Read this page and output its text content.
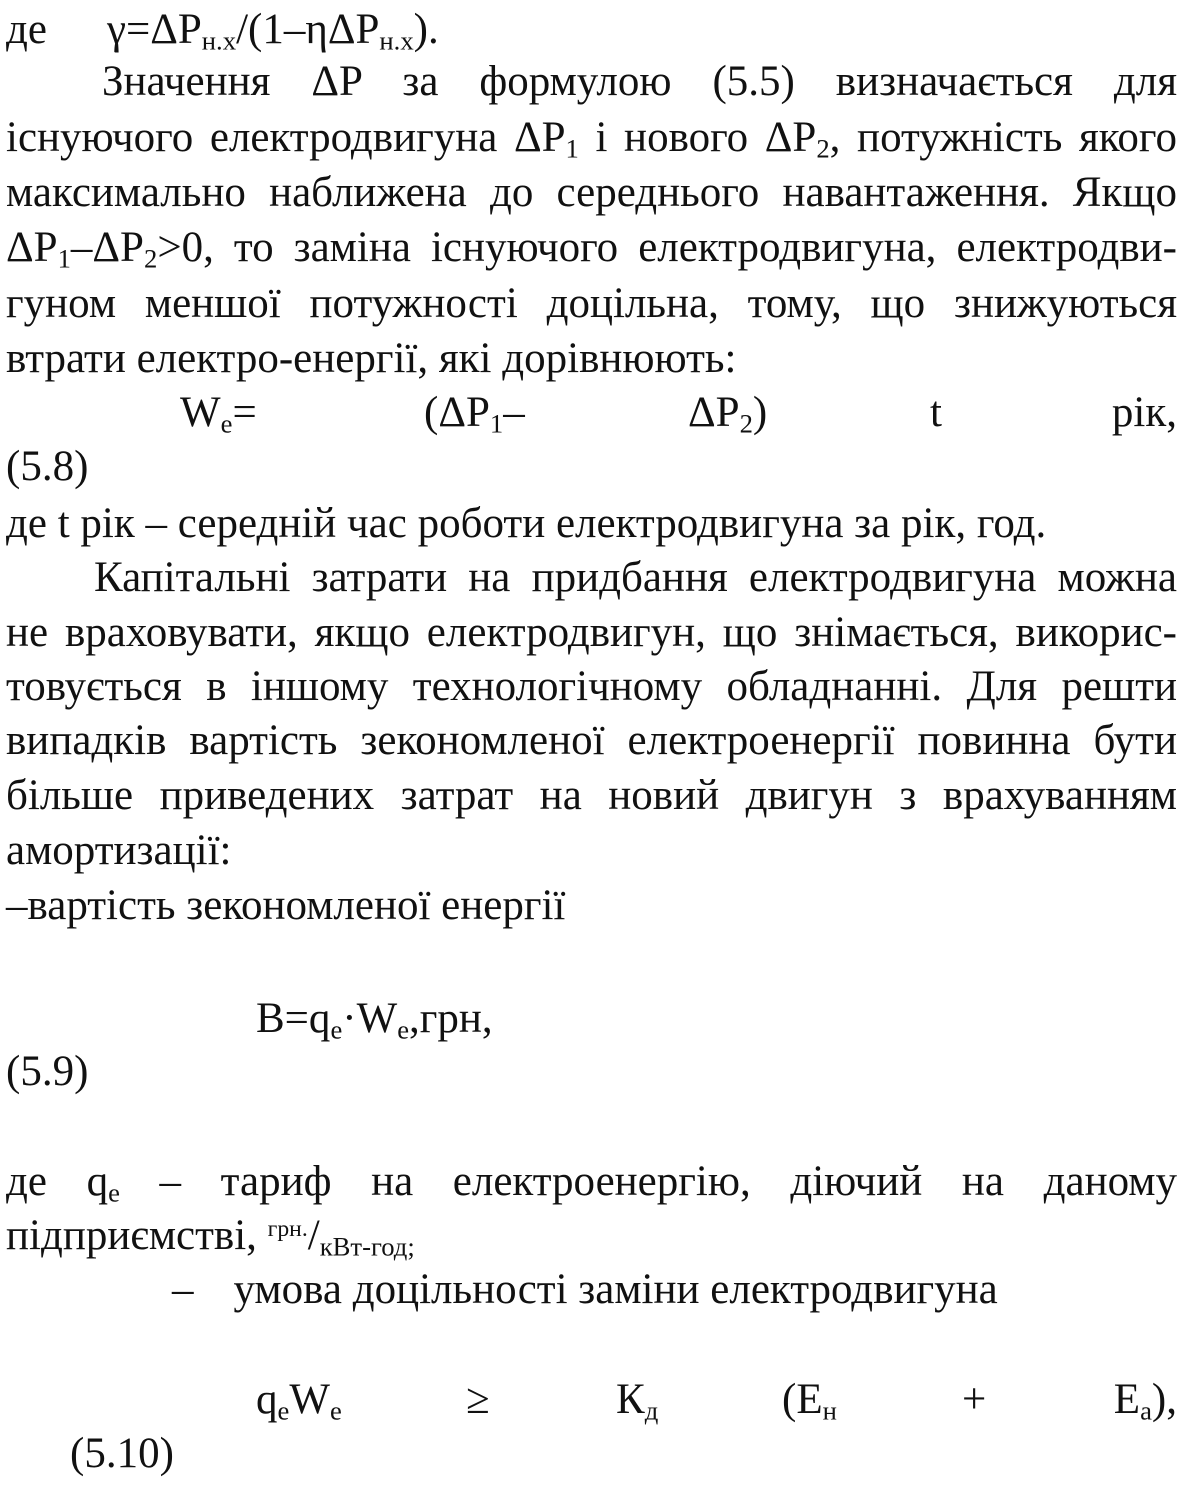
де $\gamma=\Delta P_{н.х}/(1-\eta\Delta P_{н.х})$.
Значення ΔP за формулою (5.5) визначається для
існуючого електродвигуна $\Delta P_1$ і нового $\Delta P_2$, потужність якого
максимально наближена до середнього навантаження. Якщо
$\Delta P_1-\Delta P_2>0$, то заміна існуючого електродвигуна, електродви-
гуном меншої потужності доцільна, тому, що знижуються
втрати електро-енергії, які дорівнюють:
$W_e=$	($\Delta P_1-$	$\Delta P_2$)	t	рік,
(5.8)
де t рік – середній час роботи електродвигуна за рік, год.
Капітальні затрати на придбання електродвигуна можна
не враховувати, якщо електродвигун, що знімається, викорис-
товується в іншому технологічному обладнанні. Для решти
випадків вартість зекономленої електроенергії повинна бути
більше приведених затрат на новий двигун з врахуванням
амортизації:
–вартість зекономленої енергії
$B=q_e\cdot W_e,грн$,
(5.9)
де $q_e$ – тариф на електроенергію, діючий на даному
підприємстві, $^{грн.}/_{кВт-год;}$
– умова доцільності заміни електродвигуна
$q_eW_e$	≥	$К_д$	($E_н$	+	$E_a$),
(5.10)
